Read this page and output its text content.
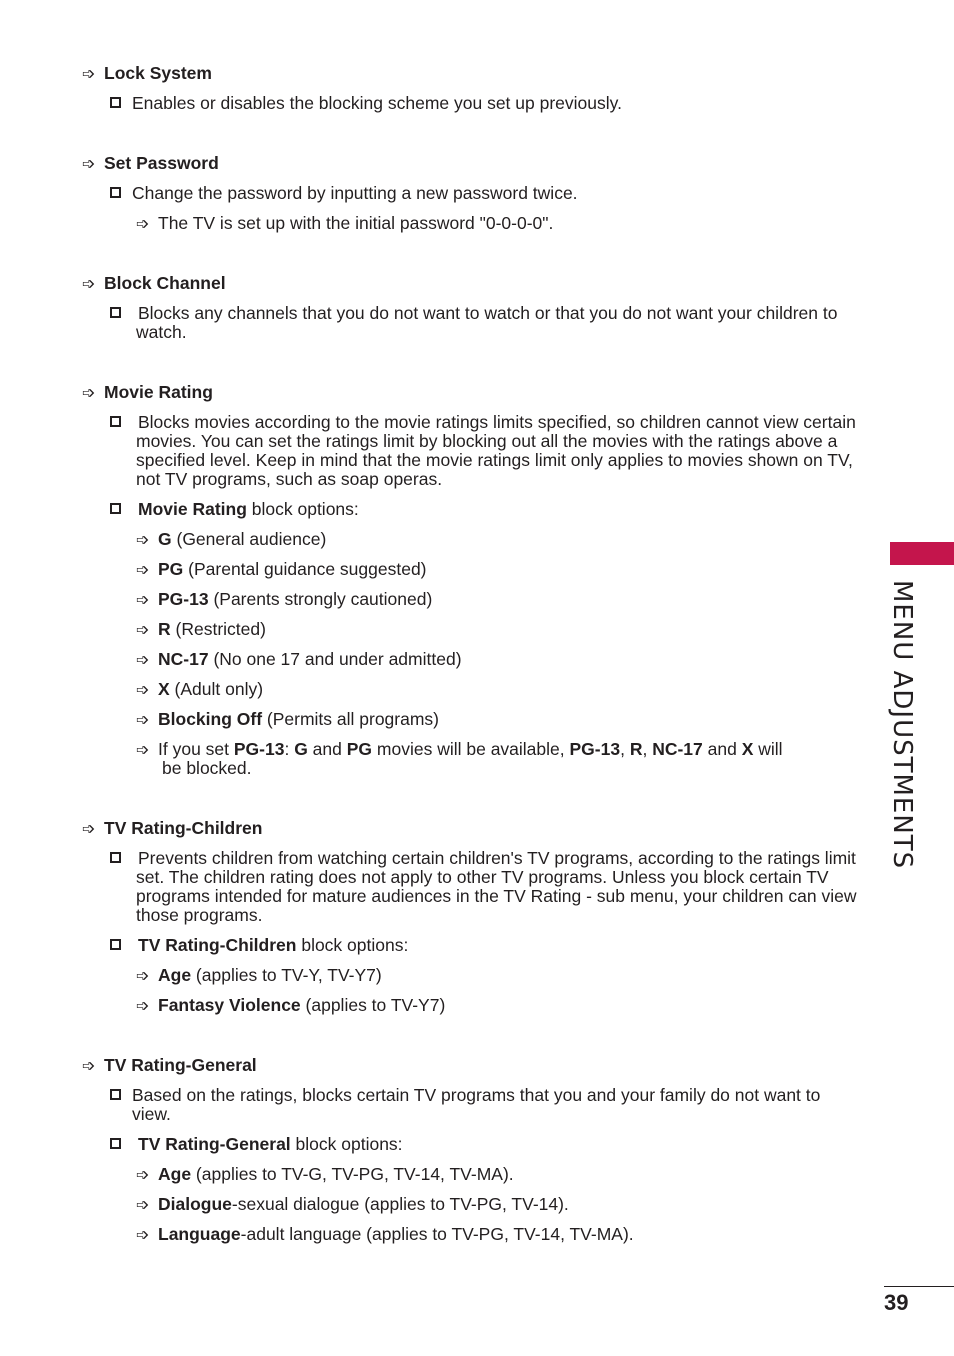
➩ Lock System
Enables or disables the blocking scheme you set up previously.
➩ Set Password
Change the password by inputting a new password twice.
➩ The TV is set up with the initial password "0-0-0-0".
➩ Block Channel
Blocks any channels that you do not want to watch or that you do not want your children to watch.
➩ Movie Rating
Blocks movies according to the movie ratings limits specified, so children cannot view certain movies. You can set the ratings limit by blocking out all the movies with the ratings above a specified level. Keep in mind that the movie ratings limit only applies to movies shown on TV, not TV programs, such as soap operas.
Movie Rating block options:
➩ G (General audience)
➩ PG (Parental guidance suggested)
➩ PG-13 (Parents strongly cautioned)
➩ R (Restricted)
➩ NC-17 (No one 17 and under admitted)
➩ X (Adult only)
➩ Blocking Off (Permits all programs)
➩ If you set PG-13: G and PG movies will be available, PG-13, R, NC-17 and X will
be blocked.
➩ TV Rating-Children
Prevents children from watching certain children's TV programs, according to the ratings limit set. The children rating does not apply to other TV programs. Unless you block certain TV programs intended for mature audiences in the TV Rating - sub menu, your children can view those programs.
TV Rating-Children block options:
➩ Age (applies to TV-Y, TV-Y7)
➩ Fantasy Violence (applies to TV-Y7)
➩ TV Rating-General
Based on the ratings, blocks certain TV programs that you and your family do not want to view.
TV Rating-General block options:
➩ Age (applies to TV-G, TV-PG, TV-14, TV-MA).
➩ Dialogue-sexual dialogue (applies to TV-PG, TV-14).
➩ Language-adult language (applies to TV-PG, TV-14, TV-MA).
MENU ADJUSTMENTS
39
